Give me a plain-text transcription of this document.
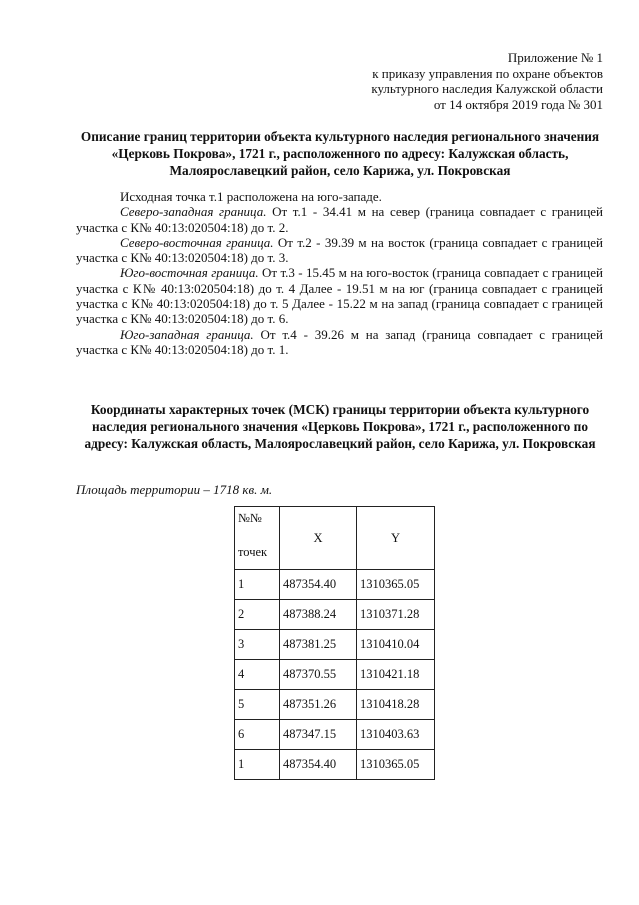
Приложение № 1
к приказу управления по охране объектов
культурного наследия Калужской области
от 14 октября 2019 года № 301
Описание границ территории объекта культурного наследия регионального значения «Церковь Покрова», 1721 г., расположенного по адресу: Калужская область, Малоярославецкий район, село Карижа, ул. Покровская

Исходная точка т.1 расположена на юго-западе.

Северо-западная граница. От т.1 - 34.41 м на север (граница совпадает с границей участка с К№ 40:13:020504:18) до т. 2.

Северо-восточная граница. От т.2 - 39.39 м на восток (граница совпадает с границей участка с К№ 40:13:020504:18) до т. 3.

Юго-восточная граница. От т.3 - 15.45 м на юго-восток (граница совпадает с границей участка с К№ 40:13:020504:18) до т. 4 Далее - 19.51 м на юг (граница совпадает с границей участка с К№ 40:13:020504:18) до т. 5 Далее - 15.22 м на запад (граница совпадает с границей участка с К№ 40:13:020504:18) до т. 6.

Юго-западная граница. От т.4 - 39.26 м на запад (граница совпадает с границей участка с К№ 40:13:020504:18) до т. 1.

Координаты характерных точек (МСК) границы территории объекта культурного наследия регионального значения «Церковь Покрова», 1721 г., расположенного по адресу: Калужская область, Малоярославецкий район, село Карижа, ул. Покровская
Площадь территории – 1718 кв. м.
№№
точек	X	Y
1	487354.40	1310365.05
2	487388.24	1310371.28
3	487381.25	1310410.04
4	487370.55	1310421.18
5	487351.26	1310418.28
6	487347.15	1310403.63
1	487354.40	1310365.05
